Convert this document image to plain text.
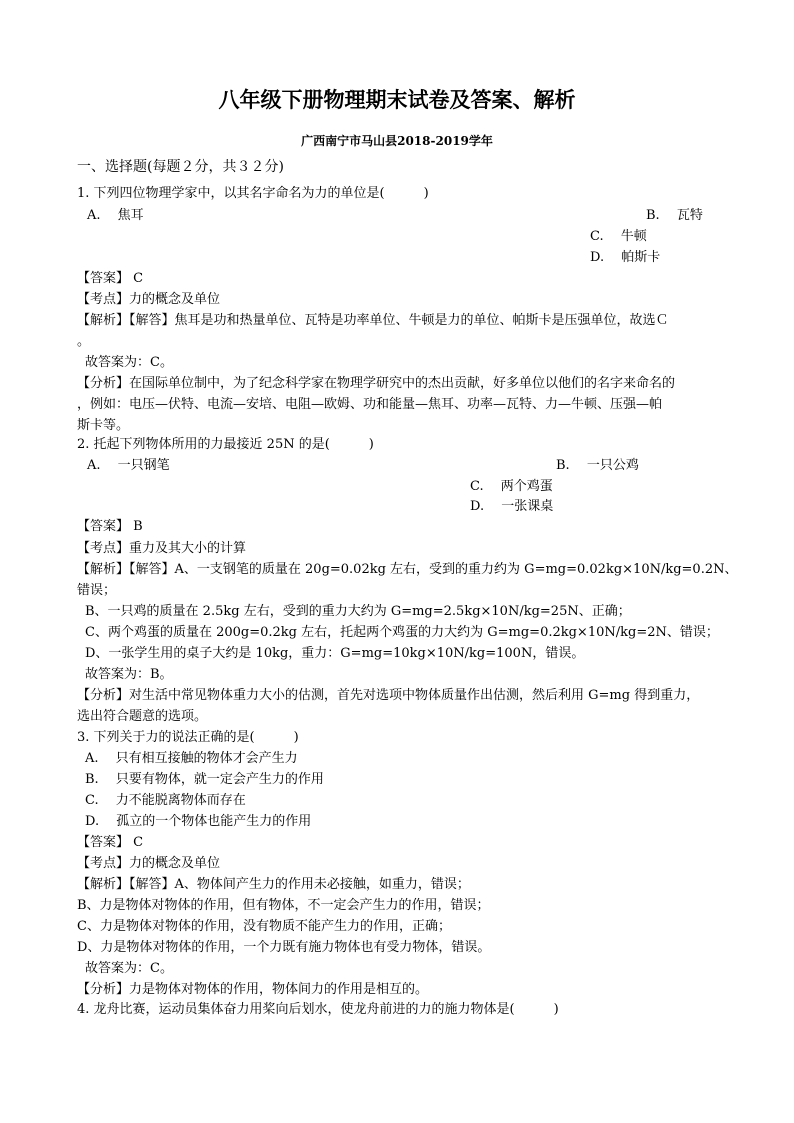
八年级下册物理期末试卷及答案、解析
广西南宁市马山县2018-2019学年
一、选择题(每题２分，共３２分)
1. 下列四位物理学家中，以其名字命名为力的单位是(　　　)
A.　 焦耳	B.　 瓦特
C.　 牛顿
D.　 帕斯卡
【答案】 C
【考点】力的概念及单位
【解析】【解答】焦耳是功和热量单位、瓦特是功率单位、牛顿是力的单位、帕斯卡是压强单位，故选Ｃ
。
故答案为：C。
【分析】在国际单位制中，为了纪念科学家在物理学研究中的杰出贡献，好多单位以他们的名字来命名的
，例如：电压—伏特、电流—安培、电阻—欧姆、功和能量—焦耳、功率—瓦特、力—牛顿、压强—帕
斯卡等。
2. 托起下列物体所用的力最接近 25N 的是(　　　)
A.　 一只钢笔	B.　 一只公鸡
C.　 两个鸡蛋
D.　 一张课桌
【答案】 B
【考点】重力及其大小的计算
【解析】【解答】A、一支钢笔的质量在 20g=0.02kg 左右，受到的重力约为 G=mg=0.02kg×10N/kg=0.2N、
错误；
B、一只鸡的质量在 2.5kg 左右，受到的重力大约为 G=mg=2.5kg×10N/kg=25N、正确；
C、两个鸡蛋的质量在 200g=0.2kg 左右，托起两个鸡蛋的力大约为 G=mg=0.2kg×10N/kg=2N、错误；
D、一张学生用的桌子大约是 10kg，重力：G=mg=10kg×10N/kg=100N，错误。
故答案为：B。
【分析】对生活中常见物体重力大小的估测，首先对选项中物体质量作出估测，然后利用 G=mg 得到重力，
选出符合题意的选项。
3. 下列关于力的说法正确的是(　　　)
A.　 只有相互接触的物体才会产生力
B.　 只要有物体，就一定会产生力的作用
C.　 力不能脱离物体而存在
D.　 孤立的一个物体也能产生力的作用
【答案】 C
【考点】力的概念及单位
【解析】【解答】A、物体间产生力的作用未必接触，如重力，错误；
B、力是物体对物体的作用，但有物体，不一定会产生力的作用，错误；
C、力是物体对物体的作用，没有物质不能产生力的作用，正确；
D、力是物体对物体的作用，一个力既有施力物体也有受力物体，错误。
故答案为：C。
【分析】力是物体对物体的作用，物体间力的作用是相互的。
4. 龙舟比赛，运动员集体奋力用桨向后划水，使龙舟前进的力的施力物体是(　　　)
